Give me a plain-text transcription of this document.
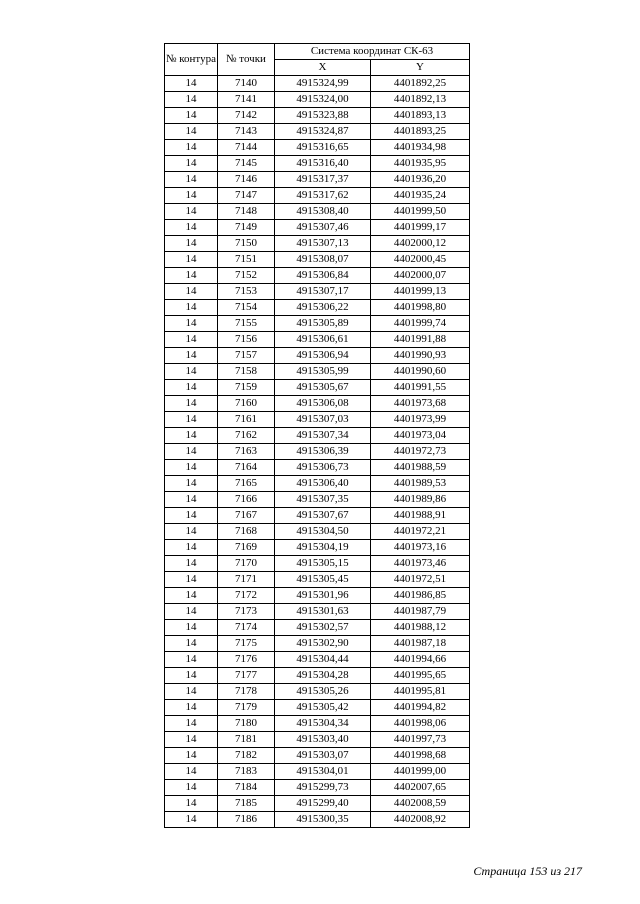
№ контура	№ точки	Система координат СК-63	
		X	Y
14	7140	4915324,99	4401892,25
14	7141	4915324,00	4401892,13
14	7142	4915323,88	4401893,13
14	7143	4915324,87	4401893,25
14	7144	4915316,65	4401934,98
14	7145	4915316,40	4401935,95
14	7146	4915317,37	4401936,20
14	7147	4915317,62	4401935,24
14	7148	4915308,40	4401999,50
14	7149	4915307,46	4401999,17
14	7150	4915307,13	4402000,12
14	7151	4915308,07	4402000,45
14	7152	4915306,84	4402000,07
14	7153	4915307,17	4401999,13
14	7154	4915306,22	4401998,80
14	7155	4915305,89	4401999,74
14	7156	4915306,61	4401991,88
14	7157	4915306,94	4401990,93
14	7158	4915305,99	4401990,60
14	7159	4915305,67	4401991,55
14	7160	4915306,08	4401973,68
14	7161	4915307,03	4401973,99
14	7162	4915307,34	4401973,04
14	7163	4915306,39	4401972,73
14	7164	4915306,73	4401988,59
14	7165	4915306,40	4401989,53
14	7166	4915307,35	4401989,86
14	7167	4915307,67	4401988,91
14	7168	4915304,50	4401972,21
14	7169	4915304,19	4401973,16
14	7170	4915305,15	4401973,46
14	7171	4915305,45	4401972,51
14	7172	4915301,96	4401986,85
14	7173	4915301,63	4401987,79
14	7174	4915302,57	4401988,12
14	7175	4915302,90	4401987,18
14	7176	4915304,44	4401994,66
14	7177	4915304,28	4401995,65
14	7178	4915305,26	4401995,81
14	7179	4915305,42	4401994,82
14	7180	4915304,34	4401998,06
14	7181	4915303,40	4401997,73
14	7182	4915303,07	4401998,68
14	7183	4915304,01	4401999,00
14	7184	4915299,73	4402007,65
14	7185	4915299,40	4402008,59
14	7186	4915300,35	4402008,92
Страница 153 из 217
